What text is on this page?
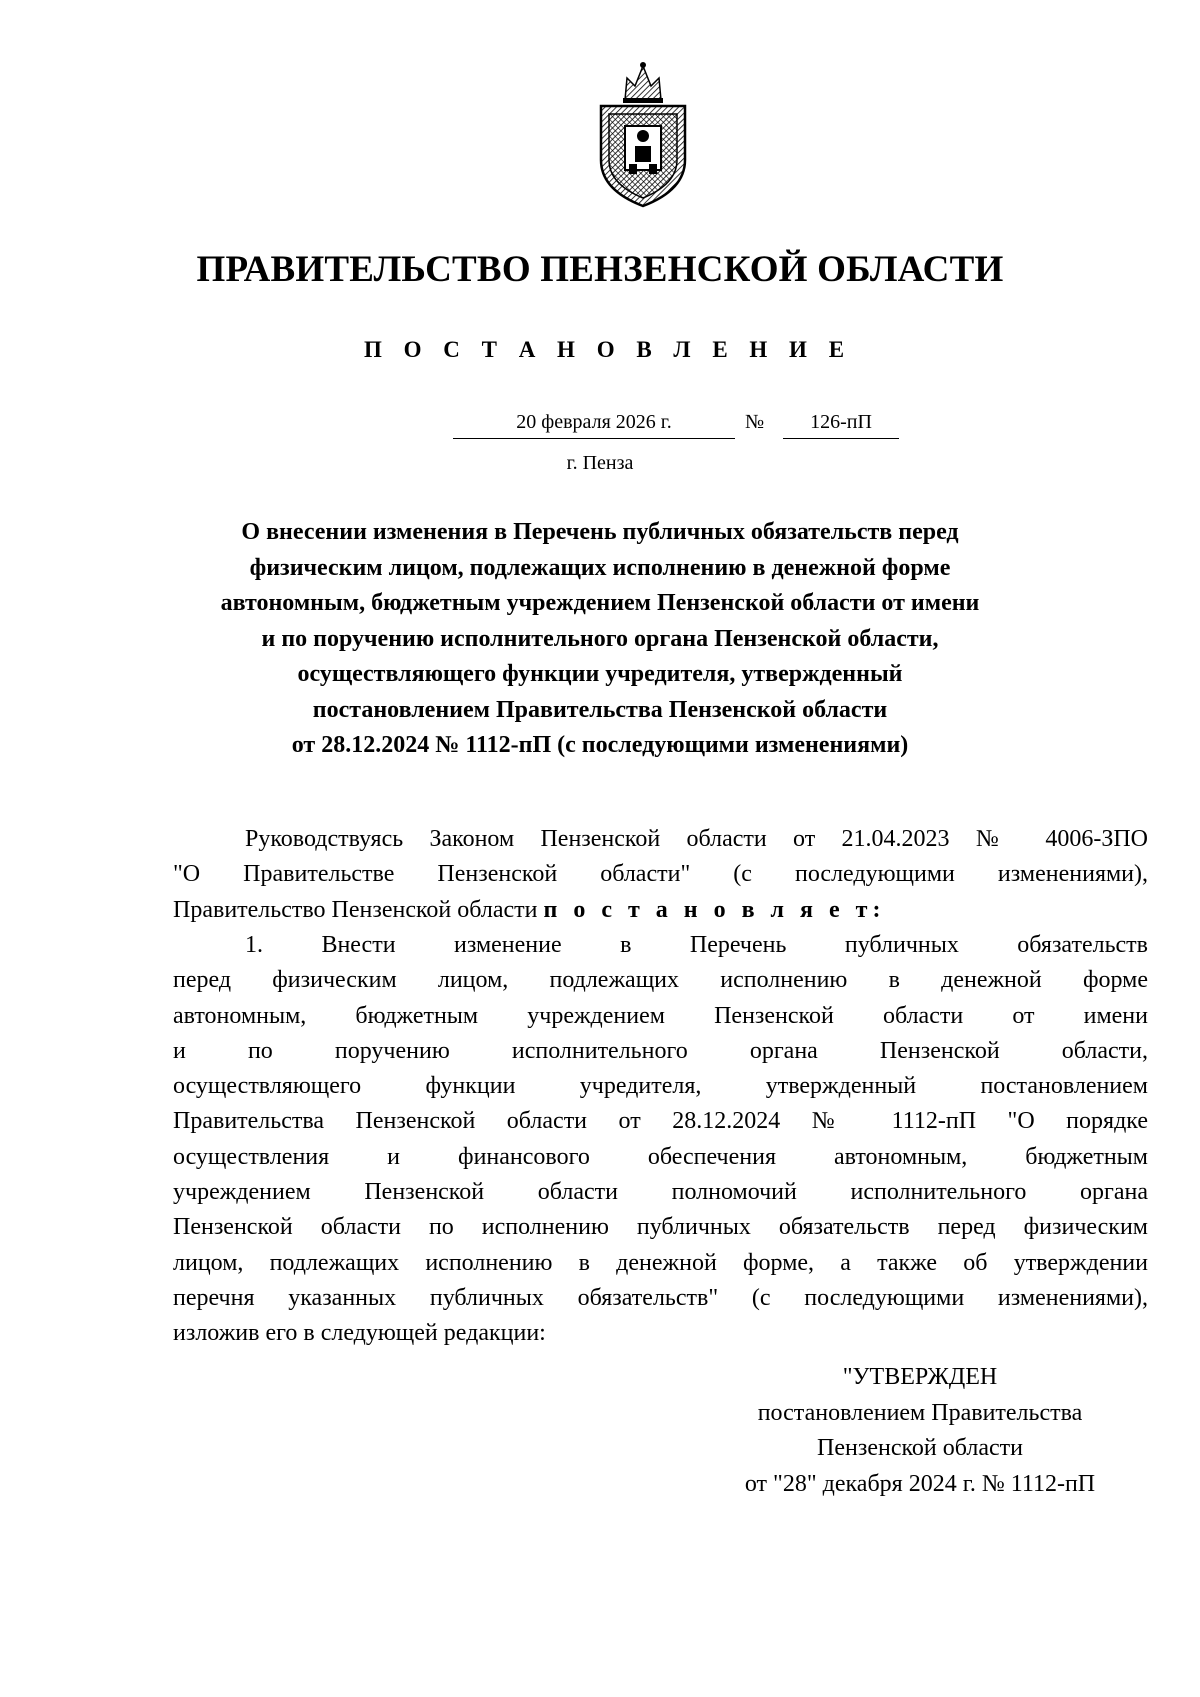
ПРАВИТЕЛЬСТВО ПЕНЗЕНСКОЙ ОБЛАСТИ
П О С Т А Н О В Л Е Н И Е
20 февраля 2026 г.	№	126-пП
г. Пенза

О внесении изменения в Перечень публичных обязательств перед
физическим лицом, подлежащих исполнению в денежной форме
автономным, бюджетным учреждением Пензенской области от имени
и по поручению исполнительного органа Пензенской области,
осуществляющего функции учредителя, утвержденный
постановлением Правительства Пензенской области
от 28.12.2024 № 1112-пП (с последующими изменениями)

Руководствуясь Законом Пензенской области от 21.04.2023 № 4006-ЗПО
"О Правительстве Пензенской области" (с последующими изменениями),
Правительство Пензенской области п о с т а н о в л я е т:

1. Внести изменение в Перечень публичных обязательств
перед физическим лицом, подлежащих исполнению в денежной форме
автономным, бюджетным учреждением Пензенской области от имени
и по поручению исполнительного органа Пензенской области,
осуществляющего функции учредителя, утвержденный постановлением
Правительства Пензенской области от 28.12.2024 № 1112-пП "О порядке
осуществления и финансового обеспечения автономным, бюджетным
учреждением Пензенской области полномочий исполнительного органа
Пензенской области по исполнению публичных обязательств перед физическим
лицом, подлежащих исполнению в денежной форме, а также об утверждении
перечня указанных публичных обязательств" (с последующими изменениями),
изложив его в следующей редакции:

"УТВЕРЖДЕН
постановлением Правительства
Пензенской области
от "28" декабря 2024 г. № 1112-пП
